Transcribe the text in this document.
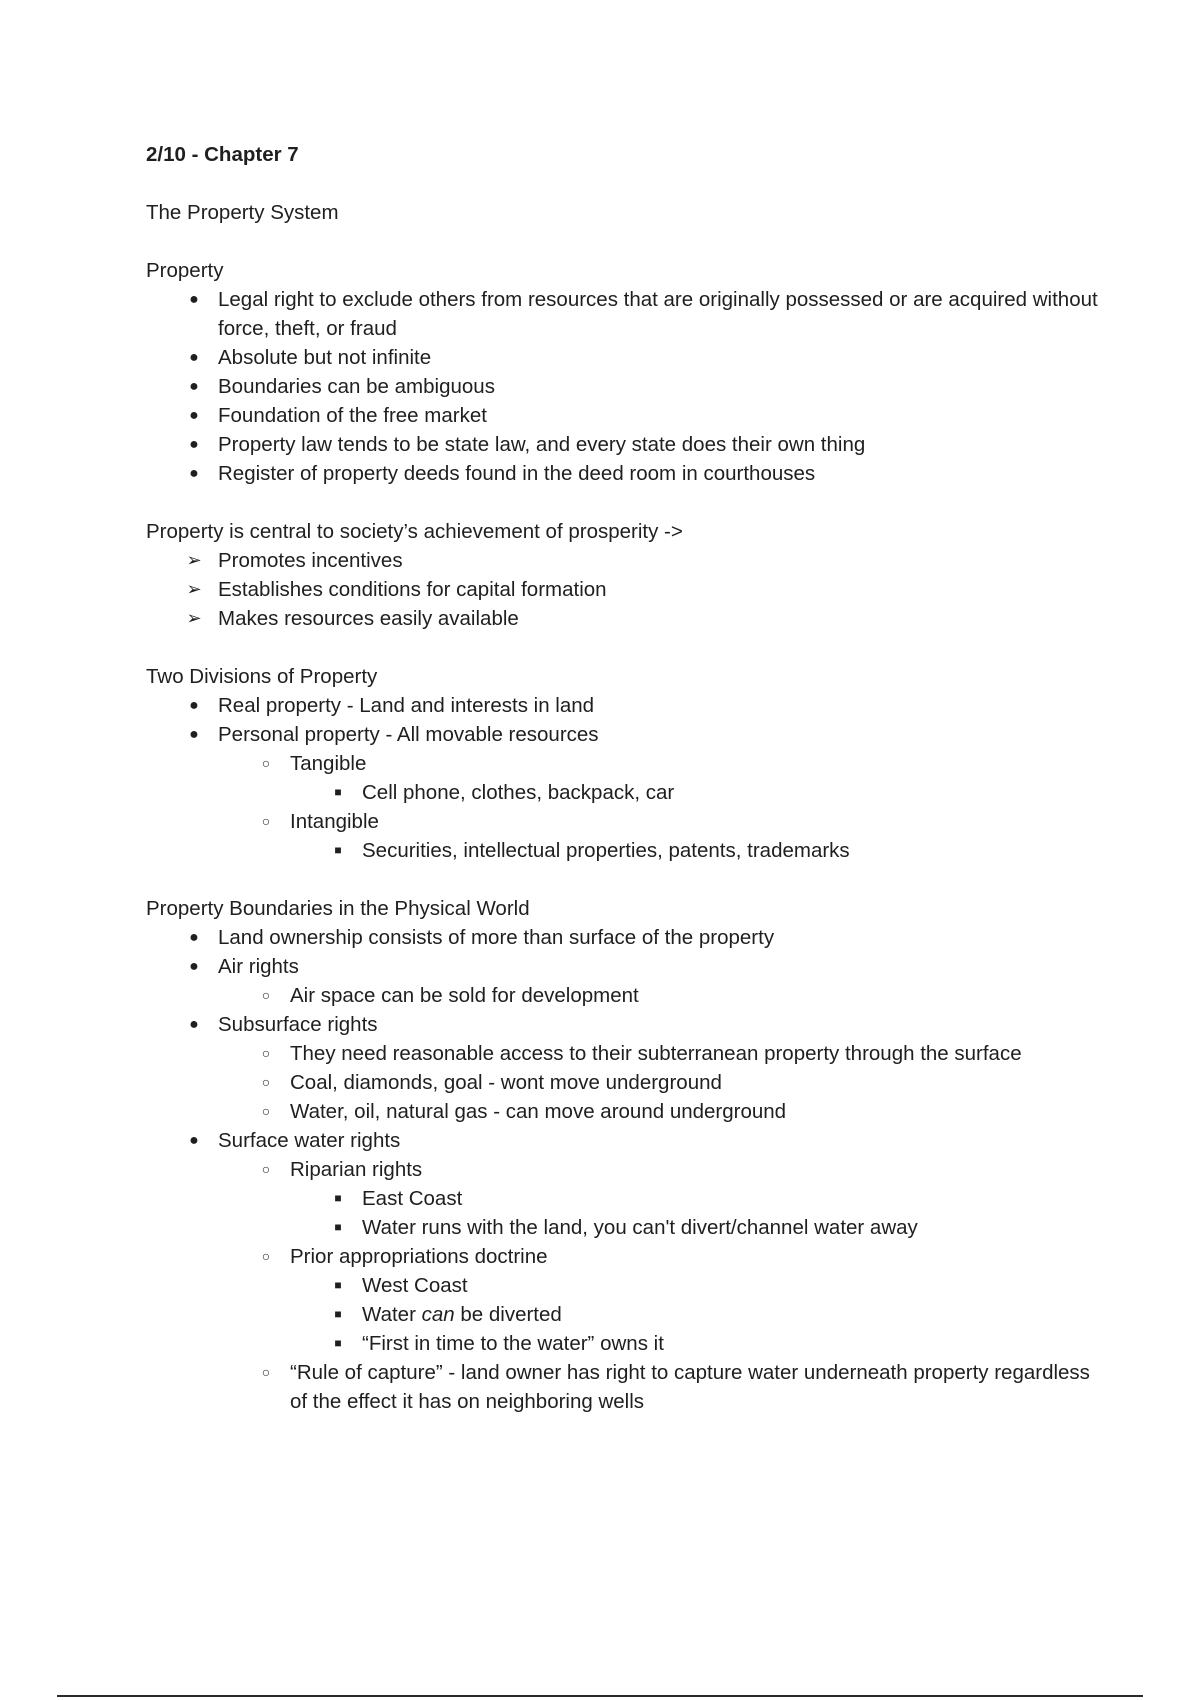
2/10 - Chapter 7
The Property System
Property
● Legal right to exclude others from resources that are originally possessed or are acquired without force, theft, or fraud
● Absolute but not infinite
● Boundaries can be ambiguous
● Foundation of the free market
● Property law tends to be state law, and every state does their own thing
● Register of property deeds found in the deed room in courthouses
Property is central to society’s achievement of prosperity ->
➢ Promotes incentives
➢ Establishes conditions for capital formation
➢ Makes resources easily available
Two Divisions of Property
● Real property - Land and interests in land
● Personal property - All movable resources
○ Tangible
■ Cell phone, clothes, backpack, car
○ Intangible
■ Securities, intellectual properties, patents, trademarks
Property Boundaries in the Physical World
● Land ownership consists of more than surface of the property
● Air rights
○ Air space can be sold for development
● Subsurface rights
○ They need reasonable access to their subterranean property through the surface
○ Coal, diamonds, goal - wont move underground
○ Water, oil, natural gas - can move around underground
● Surface water rights
○ Riparian rights
■ East Coast
■ Water runs with the land, you can't divert/channel water away
○ Prior appropriations doctrine
■ West Coast
■ Water can be diverted
■ “First in time to the water” owns it
○ “Rule of capture” - land owner has right to capture water underneath property regardless of the effect it has on neighboring wells
